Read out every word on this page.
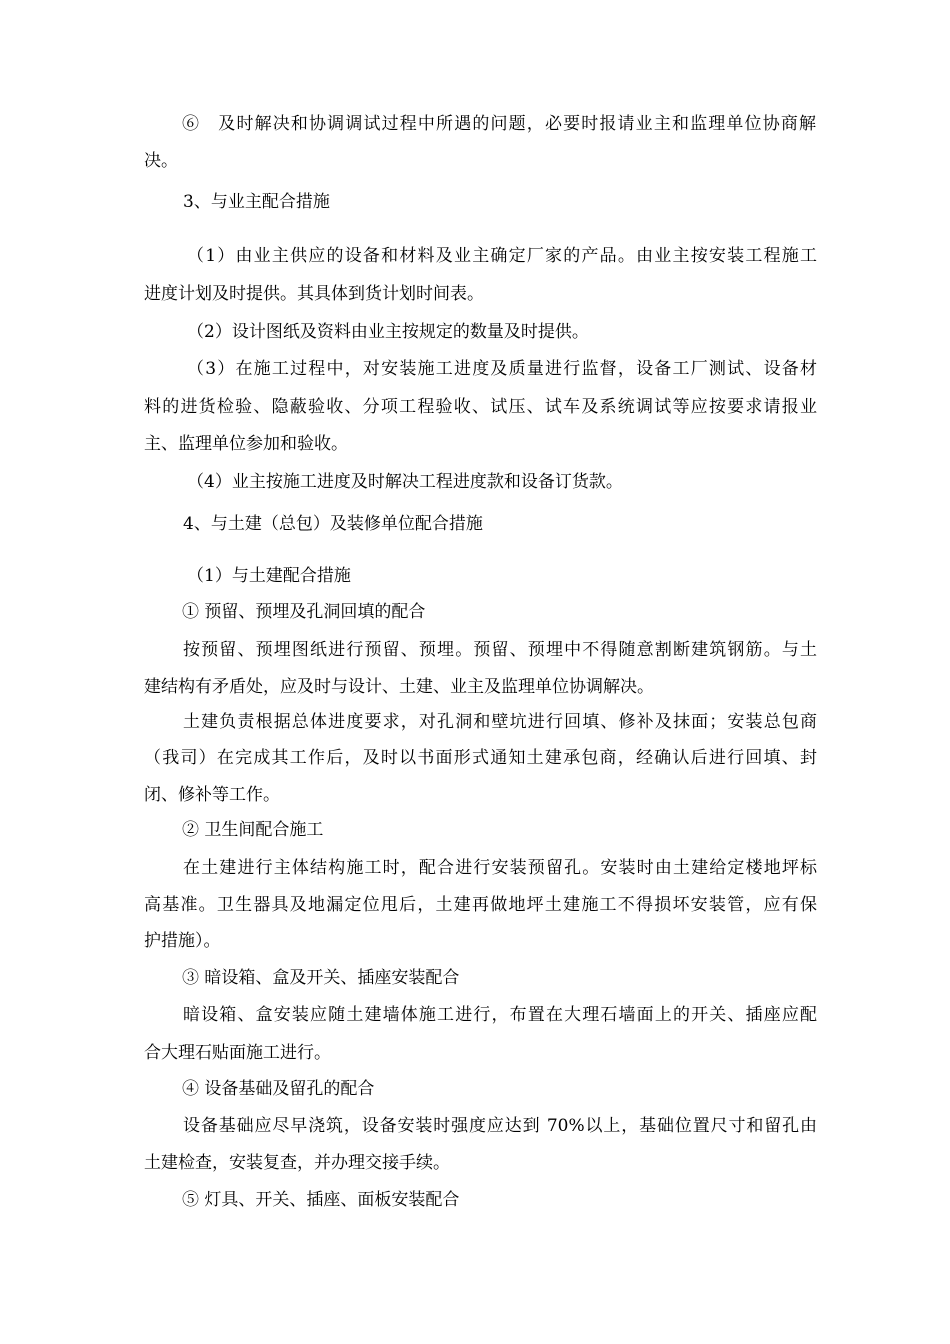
⑥　及时解决和协调调试过程中所遇的问题，必要时报请业主和监理单位协商解
决。
3、与业主配合措施
（1）由业主供应的设备和材料及业主确定厂家的产品。由业主按安装工程施工
进度计划及时提供。其具体到货计划时间表。
（2）设计图纸及资料由业主按规定的数量及时提供。
（3）在施工过程中，对安装施工进度及质量进行监督，设备工厂测试、设备材
料的进货检验、隐蔽验收、分项工程验收、试压、试车及系统调试等应按要求请报业
主、监理单位参加和验收。
（4）业主按施工进度及时解决工程进度款和设备订货款。
4、与土建（总包）及装修单位配合措施
（1）与土建配合措施
① 预留、预埋及孔洞回填的配合
按预留、预埋图纸进行预留、预埋。预留、预埋中不得随意割断建筑钢筋。与土
建结构有矛盾处，应及时与设计、土建、业主及监理单位协调解决。
土建负责根据总体进度要求，对孔洞和壁坑进行回填、修补及抹面；安装总包商
（我司）在完成其工作后，及时以书面形式通知土建承包商，经确认后进行回填、封
闭、修补等工作。
② 卫生间配合施工
在土建进行主体结构施工时，配合进行安装预留孔。安装时由土建给定楼地坪标
高基准。卫生器具及地漏定位甩后，土建再做地坪土建施工不得损坏安装管，应有保
护措施）。
③ 暗设箱、盒及开关、插座安装配合
暗设箱、盒安装应随土建墙体施工进行，布置在大理石墙面上的开关、插座应配
合大理石贴面施工进行。
④ 设备基础及留孔的配合
设备基础应尽早浇筑，设备安装时强度应达到 70%以上，基础位置尺寸和留孔由
土建检查，安装复查，并办理交接手续。
⑤ 灯具、开关、插座、面板安装配合
